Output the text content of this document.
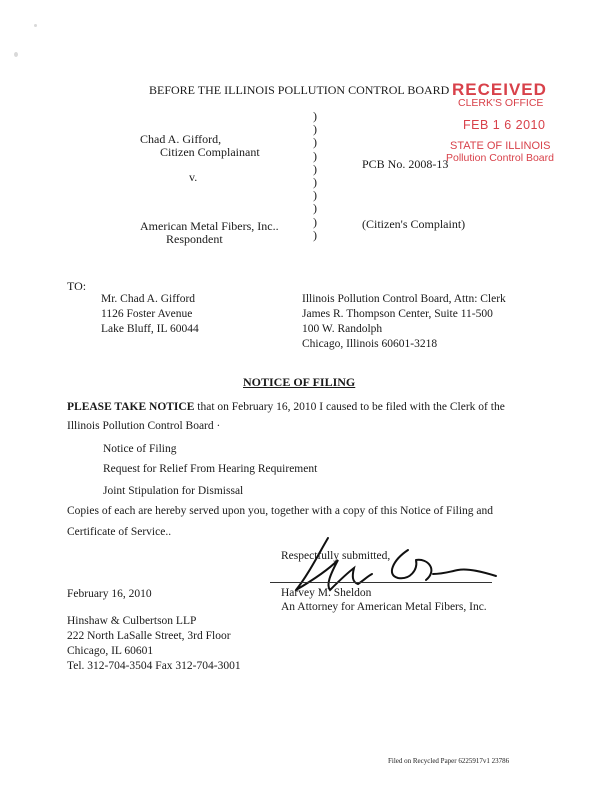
BEFORE THE ILLINOIS POLLUTION CONTROL BOARD RECEIVED
CLERK'S OFFICE
FEB 1 6 2010
STATE OF ILLINOIS
Pollution Control Board
Chad A. Gifford,
Citizen Complainant
v.
American Metal Fibers, Inc..
Respondent
)
)
)
)
)
)
)
)
)
)
PCB No. 2008-13
(Citizen's Complaint)
TO:
Mr. Chad A. Gifford
1126 Foster Avenue
Lake Bluff, IL 60044
Illinois Pollution Control Board, Attn: Clerk
James R. Thompson Center, Suite 11-500
100 W. Randolph
Chicago, Illinois 60601-3218
NOTICE OF FILING
PLEASE TAKE NOTICE that on February 16, 2010 I caused to be filed with the Clerk of the
Illinois Pollution Control Board ·
Notice of Filing
Request for Relief From Hearing Requirement
Joint Stipulation for Dismissal
Copies of each are hereby served upon you, together with a copy of this Notice of Filing and
Certificate of Service..
Respectfully submitted,
Harvey M. Sheldon
An Attorney for American Metal Fibers, Inc.
February 16, 2010
Hinshaw & Culbertson LLP
222 North LaSalle Street, 3rd Floor
Chicago, IL 60601
Tel. 312-704-3504 Fax 312-704-3001
Filed on Recycled Paper 6225917v1 23786
